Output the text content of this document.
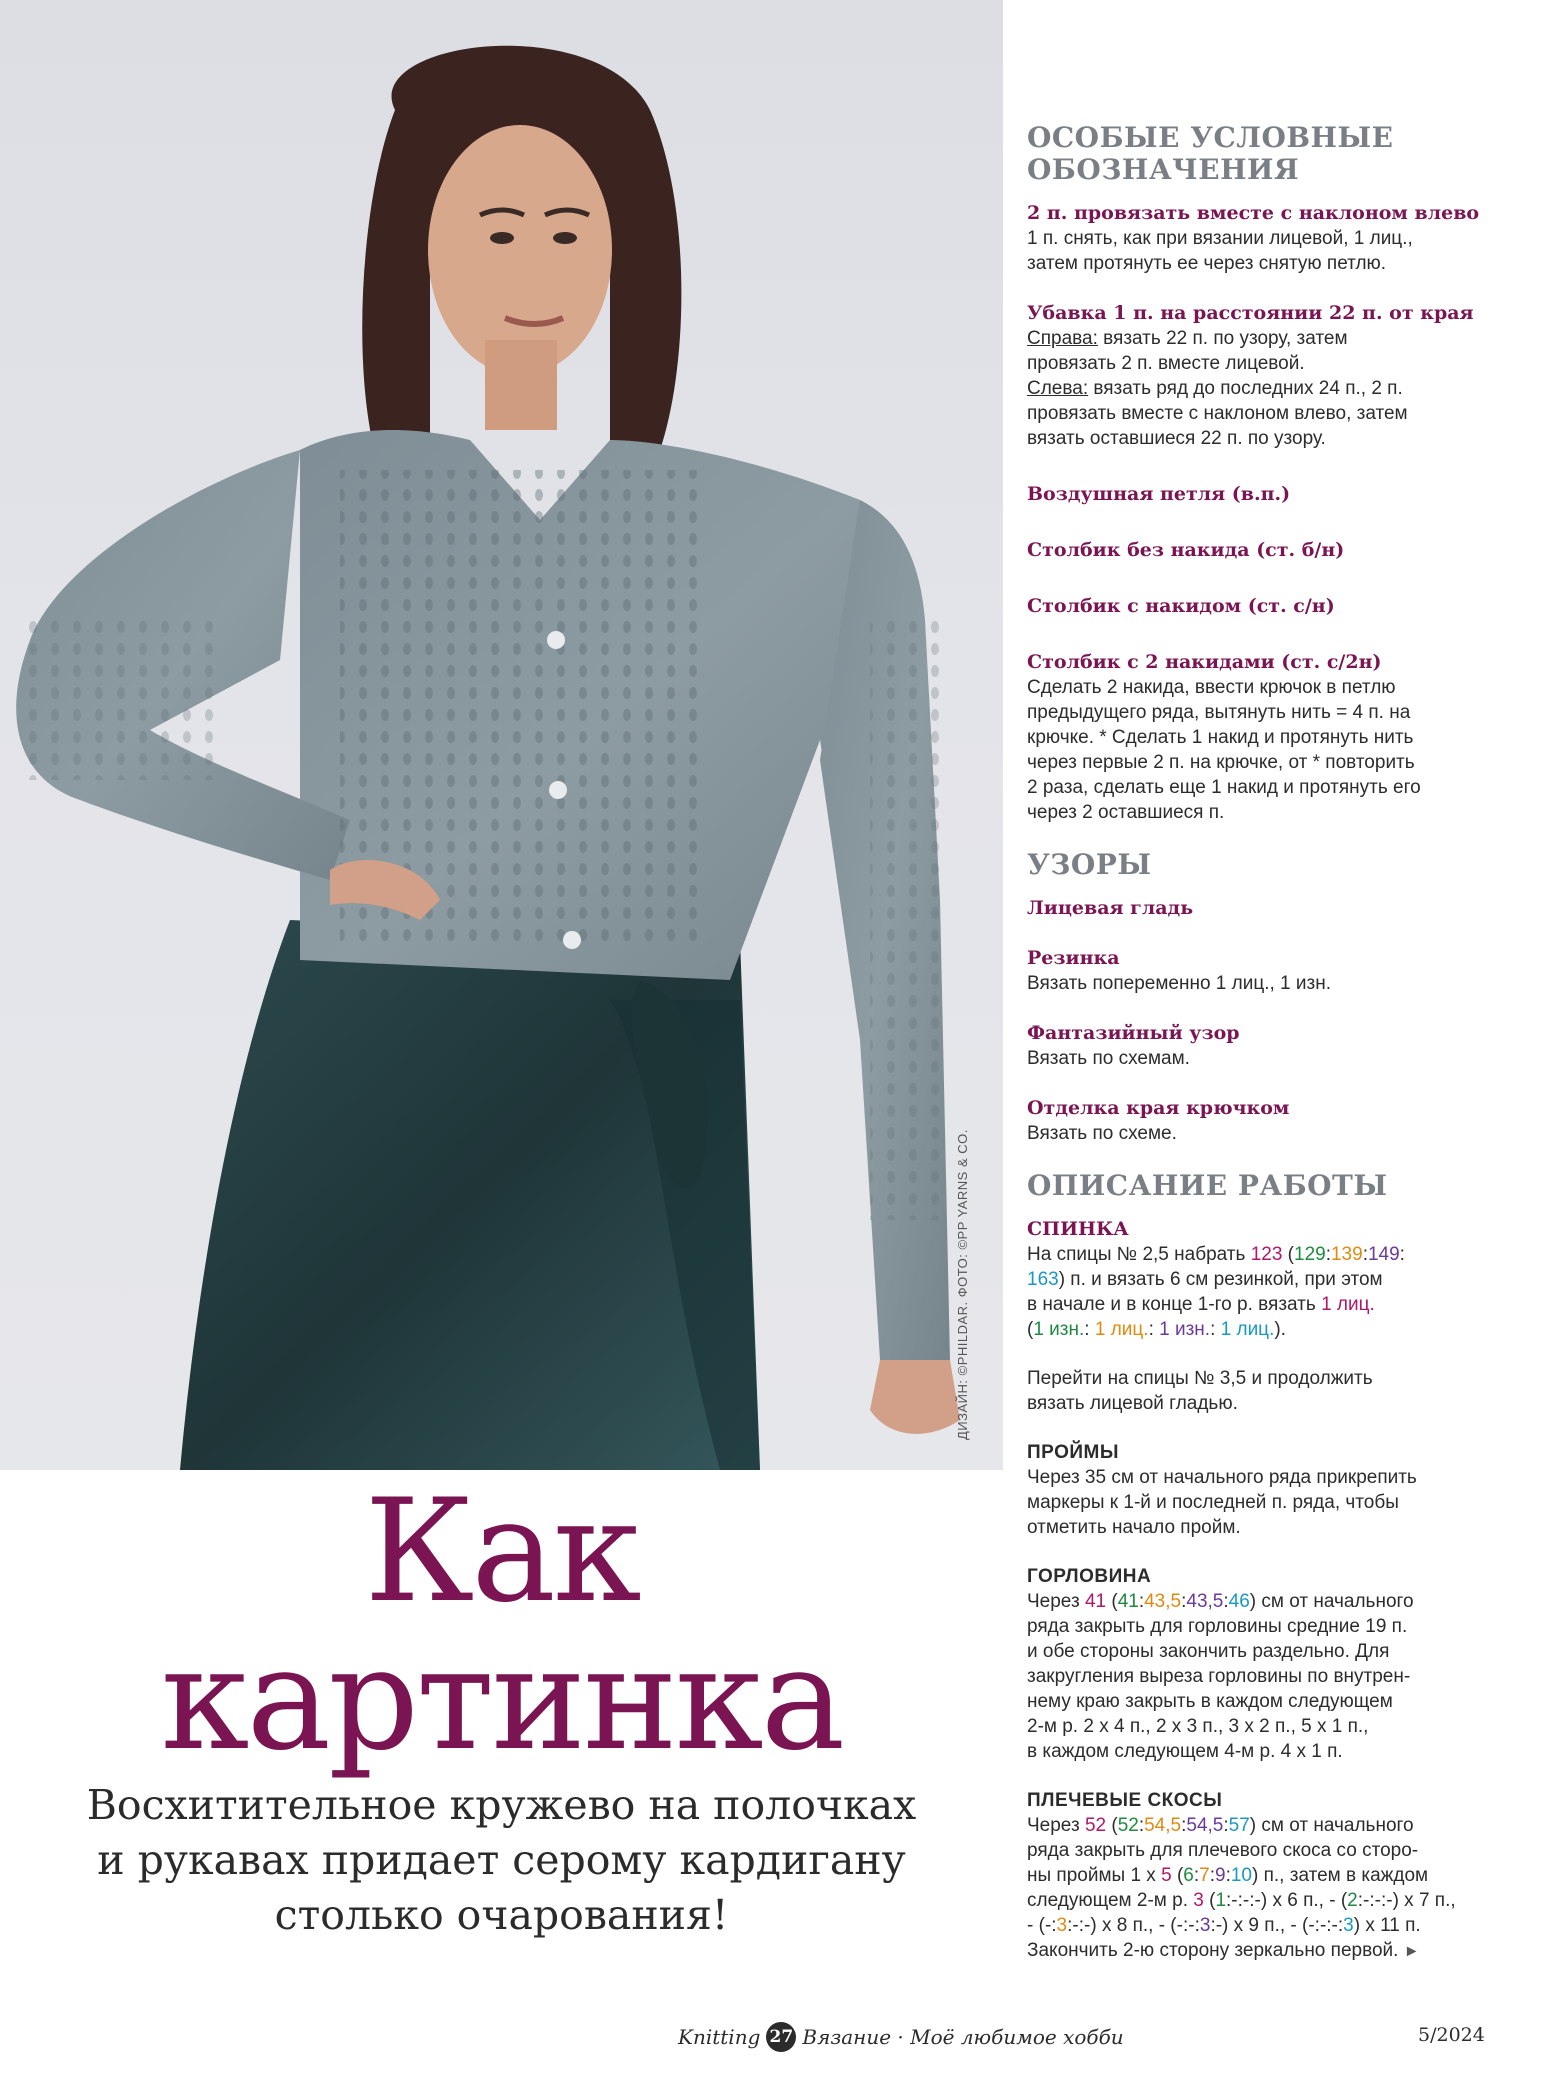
ДИЗАЙН: ©PHILDAR. ФОТО: ©PP YARNS & CO.
Как
картинка
Восхитительное кружево на полочках
и рукавах придает серому кардигану
столько очарования!
ОСОБЫЕ УСЛОВНЫЕ
ОБОЗНАЧЕНИЯ
2 п. провязать вместе с наклоном влево
1 п. снять, как при вязании лицевой, 1 лиц.,
затем протянуть ее через снятую петлю.
Убавка 1 п. на расстоянии 22 п. от края
Справа: вязать 22 п. по узору, затем
провязать 2 п. вместе лицевой.
Слева: вязать ряд до последних 24 п., 2 п.
провязать вместе с наклоном влево, затем
вязать оставшиеся 22 п. по узору.
Воздушная петля (в.п.)
Столбик без накида (ст. б/н)
Столбик с накидом (ст. с/н)
Столбик с 2 накидами (ст. с/2н)
Сделать 2 накида, ввести крючок в петлю
предыдущего ряда, вытянуть нить = 4 п. на
крючке. * Сделать 1 накид и протянуть нить
через первые 2 п. на крючке, от * повторить
2 раза, сделать еще 1 накид и протянуть его
через 2 оставшиеся п.
УЗОРЫ
Лицевая гладь
Резинка
Вязать попеременно 1 лиц., 1 изн.
Фантазийный узор
Вязать по схемам.
Отделка края крючком
Вязать по схеме.
ОПИСАНИЕ РАБОТЫ
СПИНКА
На спицы № 2,5 набрать 123 (129:139:149:
163) п. и вязать 6 см резинкой, при этом
в начале и в конце 1-го р. вязать 1 лиц.
(1 изн.: 1 лиц.: 1 изн.: 1 лиц.).
Перейти на спицы № 3,5 и продолжить
вязать лицевой гладью.
ПРОЙМЫ
Через 35 см от начального ряда прикрепить
маркеры к 1-й и последней п. ряда, чтобы
отметить начало пройм.
ГОРЛОВИНА
Через 41 (41:43,5:43,5:46) см от начального
ряда закрыть для горловины средние 19 п.
и обе стороны закончить раздельно. Для
закругления выреза горловины по внутрен-
нему краю закрыть в каждом следующем
2-м р. 2 х 4 п., 2 х 3 п., 3 х 2 п., 5 х 1 п.,
в каждом следующем 4-м р. 4 х 1 п.
ПЛЕЧЕВЫЕ СКОСЫ
Через 52 (52:54,5:54,5:57) см от начального
ряда закрыть для плечевого скоса со сторо-
ны проймы 1 х 5 (6:7:9:10) п., затем в каждом
следующем 2-м р. 3 (1:-:-:-) х 6 п., - (2:-:-:-) х 7 п.,
- (-:3:-:-) х 8 п., - (-:-:3:-) х 9 п., - (-:-:-:3) х 11 п.
Закончить 2-ю сторону зеркально первой. ►
Knitting 27 Вязание · Моё любимое хобби	5/2024
